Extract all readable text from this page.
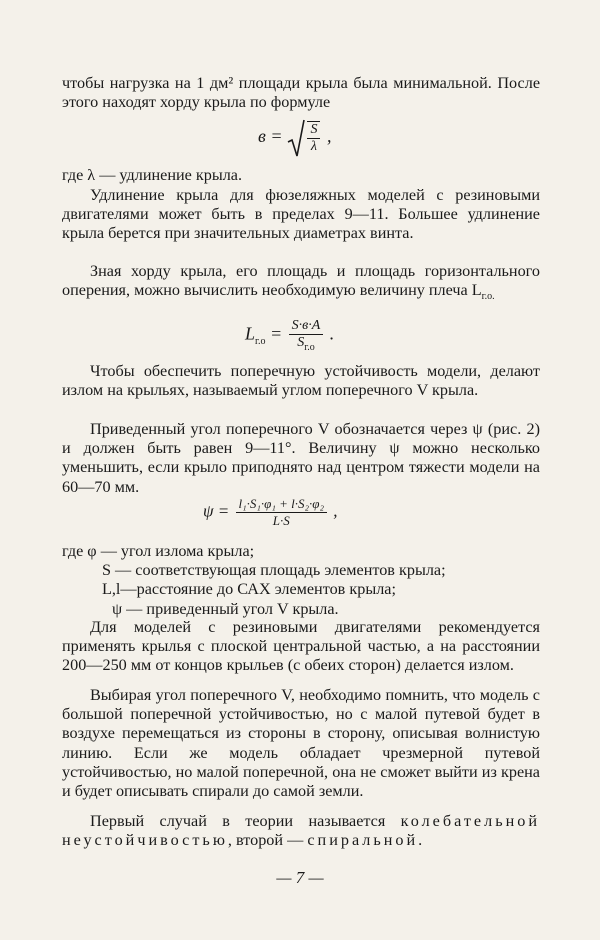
чтобы нагрузка на 1 дм² площади крыла была минимальной. После этого находят хорду крыла по формуле

$в = \frac{S}{\lambda}$ ,

где λ — удлинение крыла.

Удлинение крыла для фюзеляжных моделей с резиновыми двигателями может быть в пределах 9—11. Большее удлинение крыла берется при значительных диаметрах винта.

Зная хорду крыла, его площадь и площадь горизонтального оперения, можно вычислить необходимую величину плеча $L_{г.о.}$

$L_{г.о} = \frac{S\cdot в\cdot A}{S_{г.о}}$ .

Чтобы обеспечить поперечную устойчивость модели, делают излом на крыльях, называемый углом поперечного V крыла.

Приведенный угол поперечного V обозначается через ψ (рис. 2) и должен быть равен 9—11°. Величину ψ можно несколько уменьшить, если крыло приподнято над центром тяжести модели на 60—70 мм.

$\psi = \frac{\text{l₁·S₁·φ₁ + l·S₂·φ₂}}{L\cdot S}$ ,
где φ — угол излома крыла;
S — соответствующая площадь элементов крыла;
L,l—расстояние до САХ элементов крыла;
ψ — приведенный угол V крыла.

Для моделей с резиновыми двигателями рекомендуется применять крылья с плоской центральной частью, а на расстоянии 200—250 мм от концов крыльев (с обеих сторон) делается излом.

Выбирая угол поперечного V, необходимо помнить, что модель с большой поперечной устойчивостью, но с малой путевой будет в воздухе перемещаться из стороны в сторону, описывая волнистую линию. Если же модель обладает чрезмерной путевой устойчивостью, но малой поперечной, она не сможет выйти из крена и будет описывать спирали до самой земли.

Первый случай в теории называется колебательной неустойчивостью, второй — спиральной.

— 7 —
